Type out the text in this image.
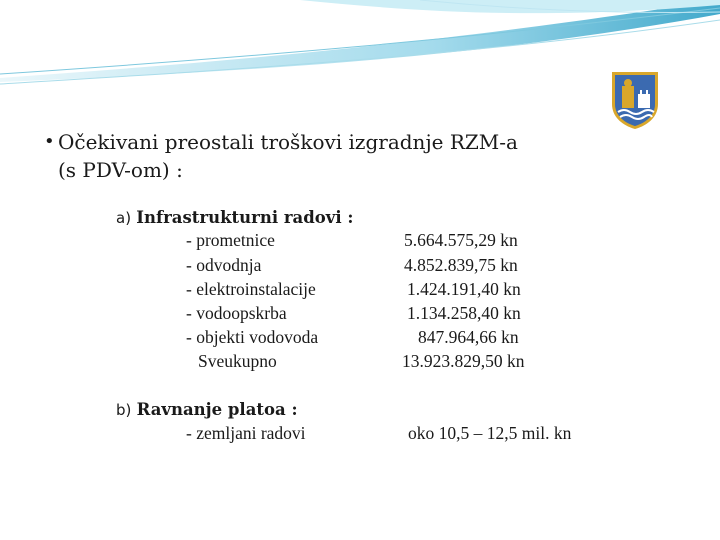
• Očekivani preostali troškovi izgradnje RZM-a
(s PDV-om) :
a) Infrastrukturni radovi :
- prometnice	5.664.575,29 kn
- odvodnja	4.852.839,75 kn
- elektroinstalacije	1.424.191,40 kn
- vodoopskrba	1.134.258,40 kn
- objekti vodovoda	847.964,66 kn
Sveukupno	13.923.829,50 kn
b) Ravnanje platoa :
- zemljani radovi	oko 10,5 – 12,5 mil. kn
